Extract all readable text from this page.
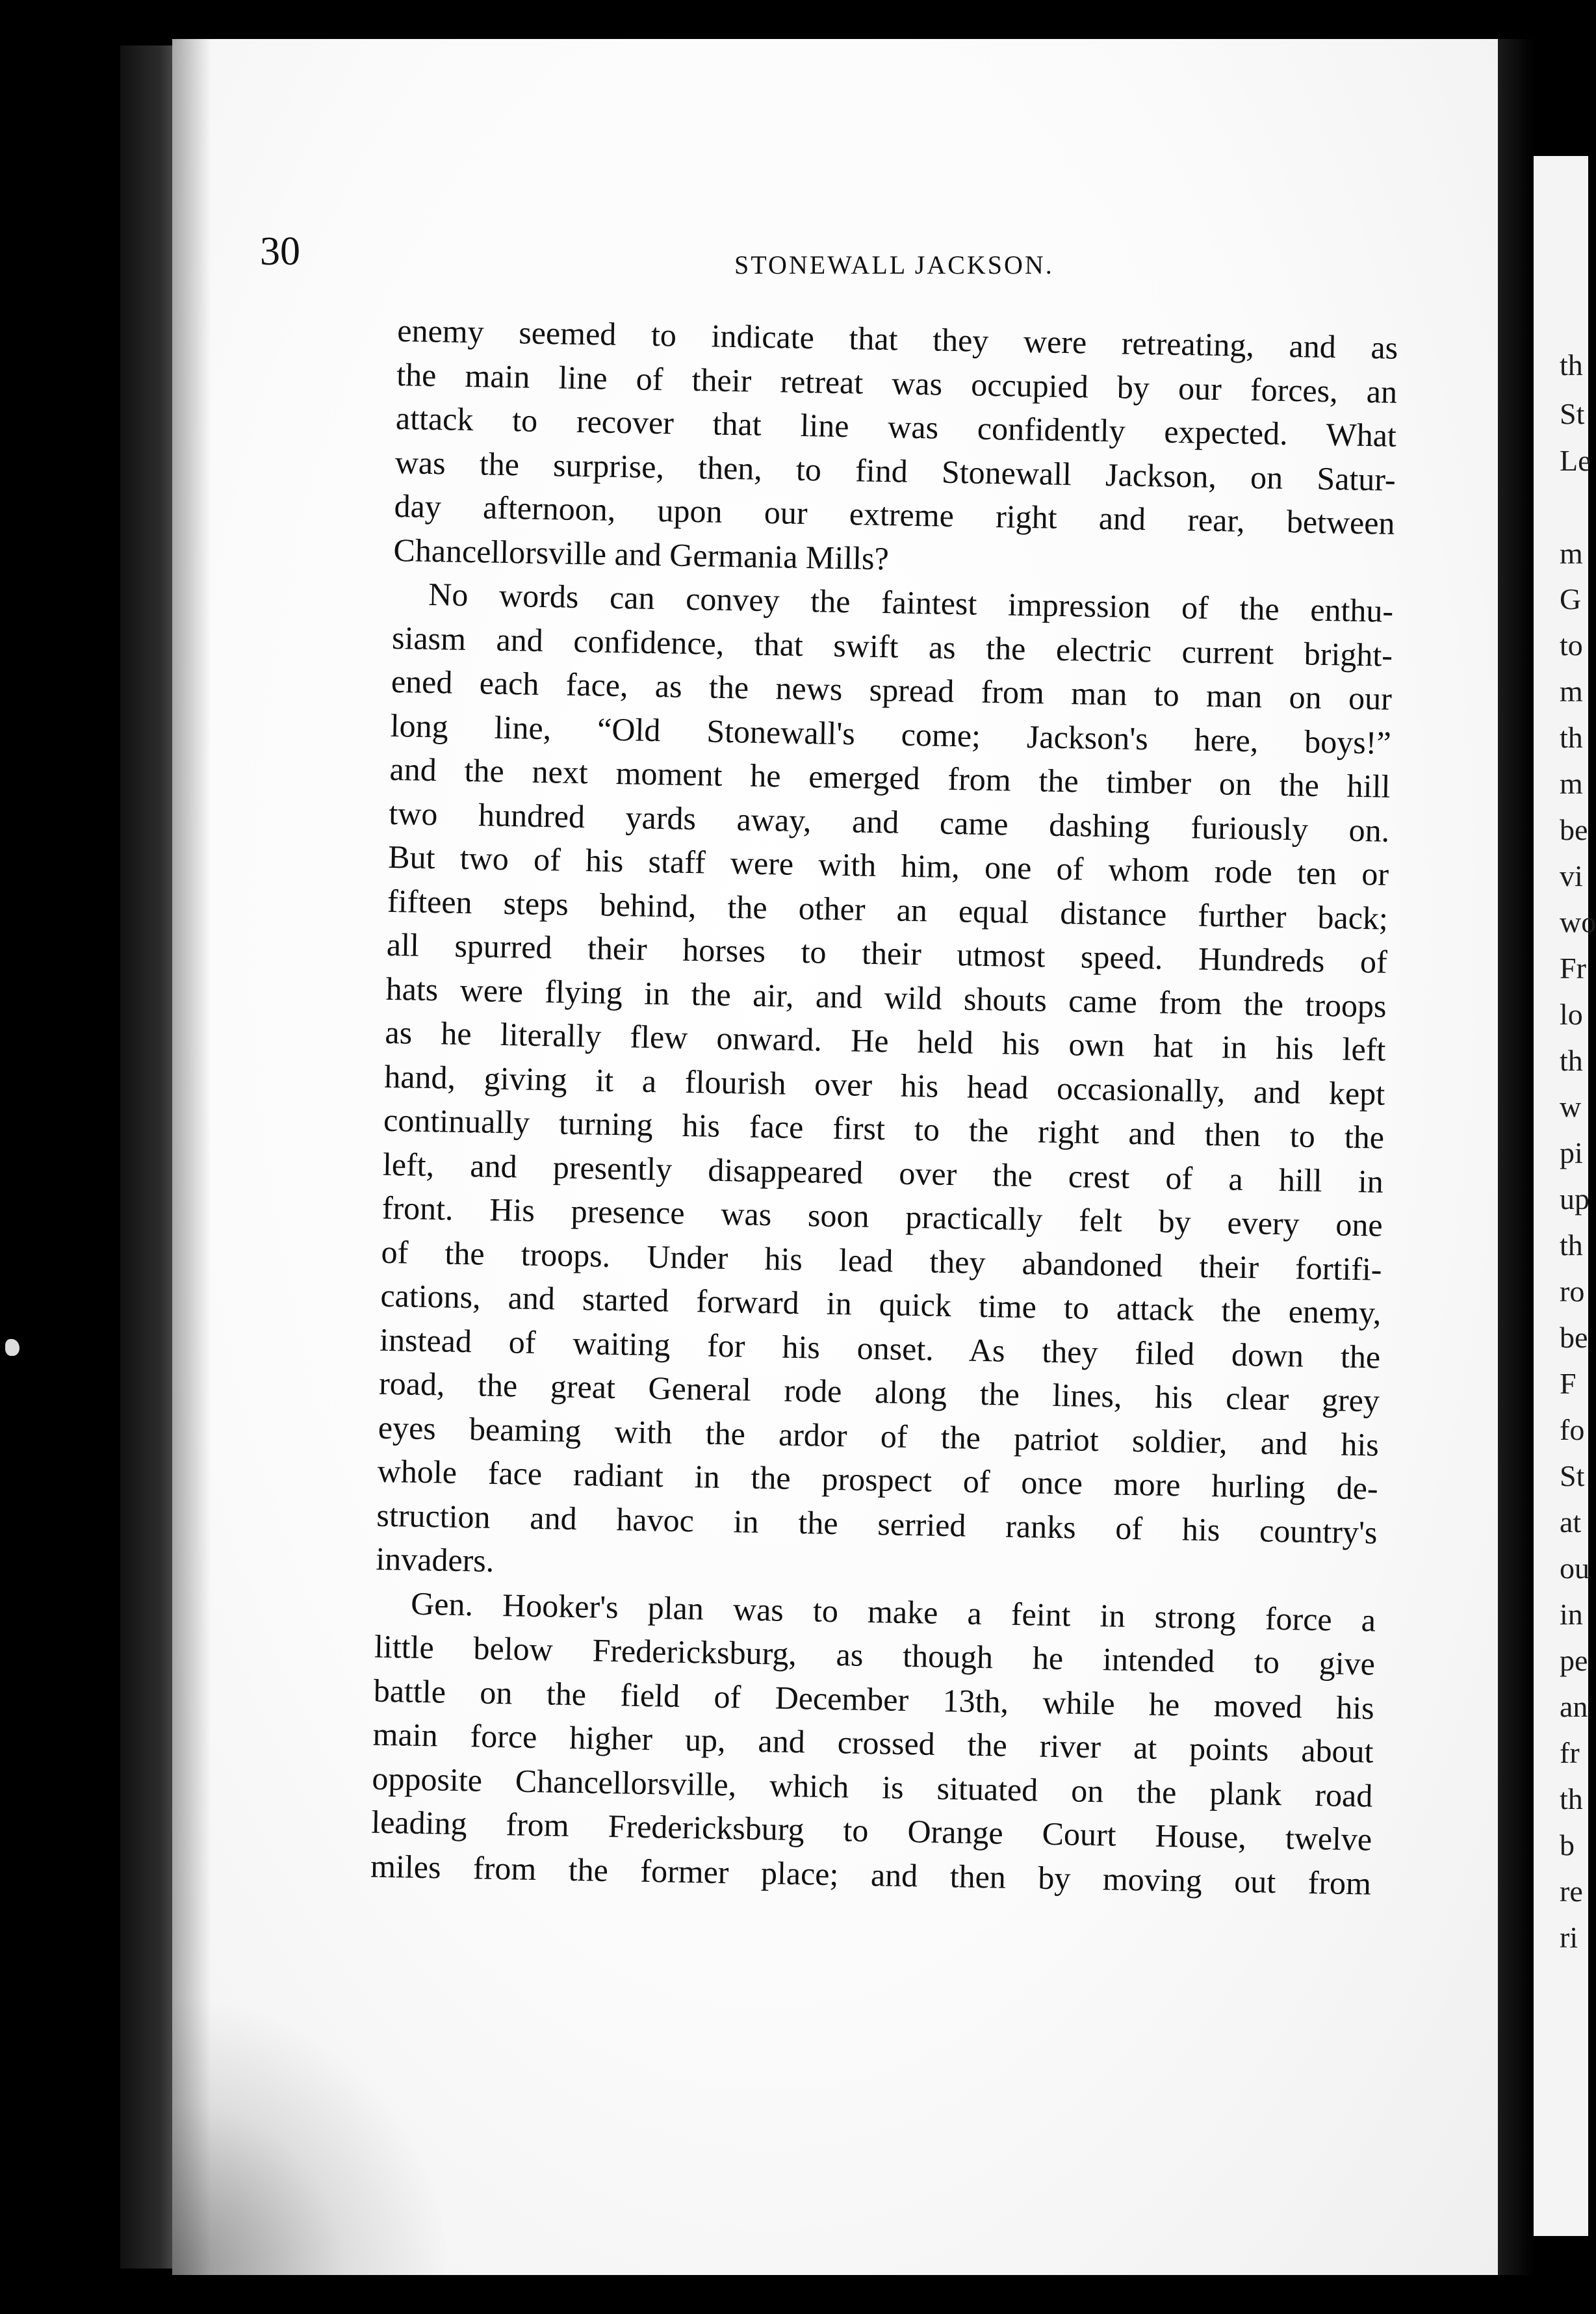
30	STONEWALL JACKSON.
enemy seemed to indicate that they were retreating, and as
the main line of their retreat was occupied by our forces, an
attack to recover that line was confidently expected. What
was the surprise, then, to find Stonewall Jackson, on Satur-
day afternoon, upon our extreme right and rear, between
Chancellorsville and Germania Mills?
No words can convey the faintest impression of the enthu-
siasm and confidence, that swift as the electric current bright-
ened each face, as the news spread from man to man on our
long line, “Old Stonewall's come; Jackson's here, boys!”
and the next moment he emerged from the timber on the hill
two hundred yards away, and came dashing furiously on.
But two of his staff were with him, one of whom rode ten or
fifteen steps behind, the other an equal distance further back;
all spurred their horses to their utmost speed. Hundreds of
hats were flying in the air, and wild shouts came from the troops
as he literally flew onward. He held his own hat in his left
hand, giving it a flourish over his head occasionally, and kept
continually turning his face first to the right and then to the
left, and presently disappeared over the crest of a hill in
front. His presence was soon practically felt by every one
of the troops. Under his lead they abandoned their fortifi-
cations, and started forward in quick time to attack the enemy,
instead of waiting for his onset. As they filed down the
road, the great General rode along the lines, his clear grey
eyes beaming with the ardor of the patriot soldier, and his
whole face radiant in the prospect of once more hurling de-
struction and havoc in the serried ranks of his country's
invaders.
Gen. Hooker's plan was to make a feint in strong force a
little below Fredericksburg, as though he intended to give
battle on the field of December 13th, while he moved his
main force higher up, and crossed the river at points about
opposite Chancellorsville, which is situated on the plank road
leading from Fredericksburg to Orange Court House, twelve
miles from the former place; and then by moving out from
th
St
Le
m
G
to
m
th
m
be
vi
wo
Fr
lo
th
w
pi
up
th
ro
be
F
fo
St
at
ou
in
pe
an
fr
th
b
re
ri
